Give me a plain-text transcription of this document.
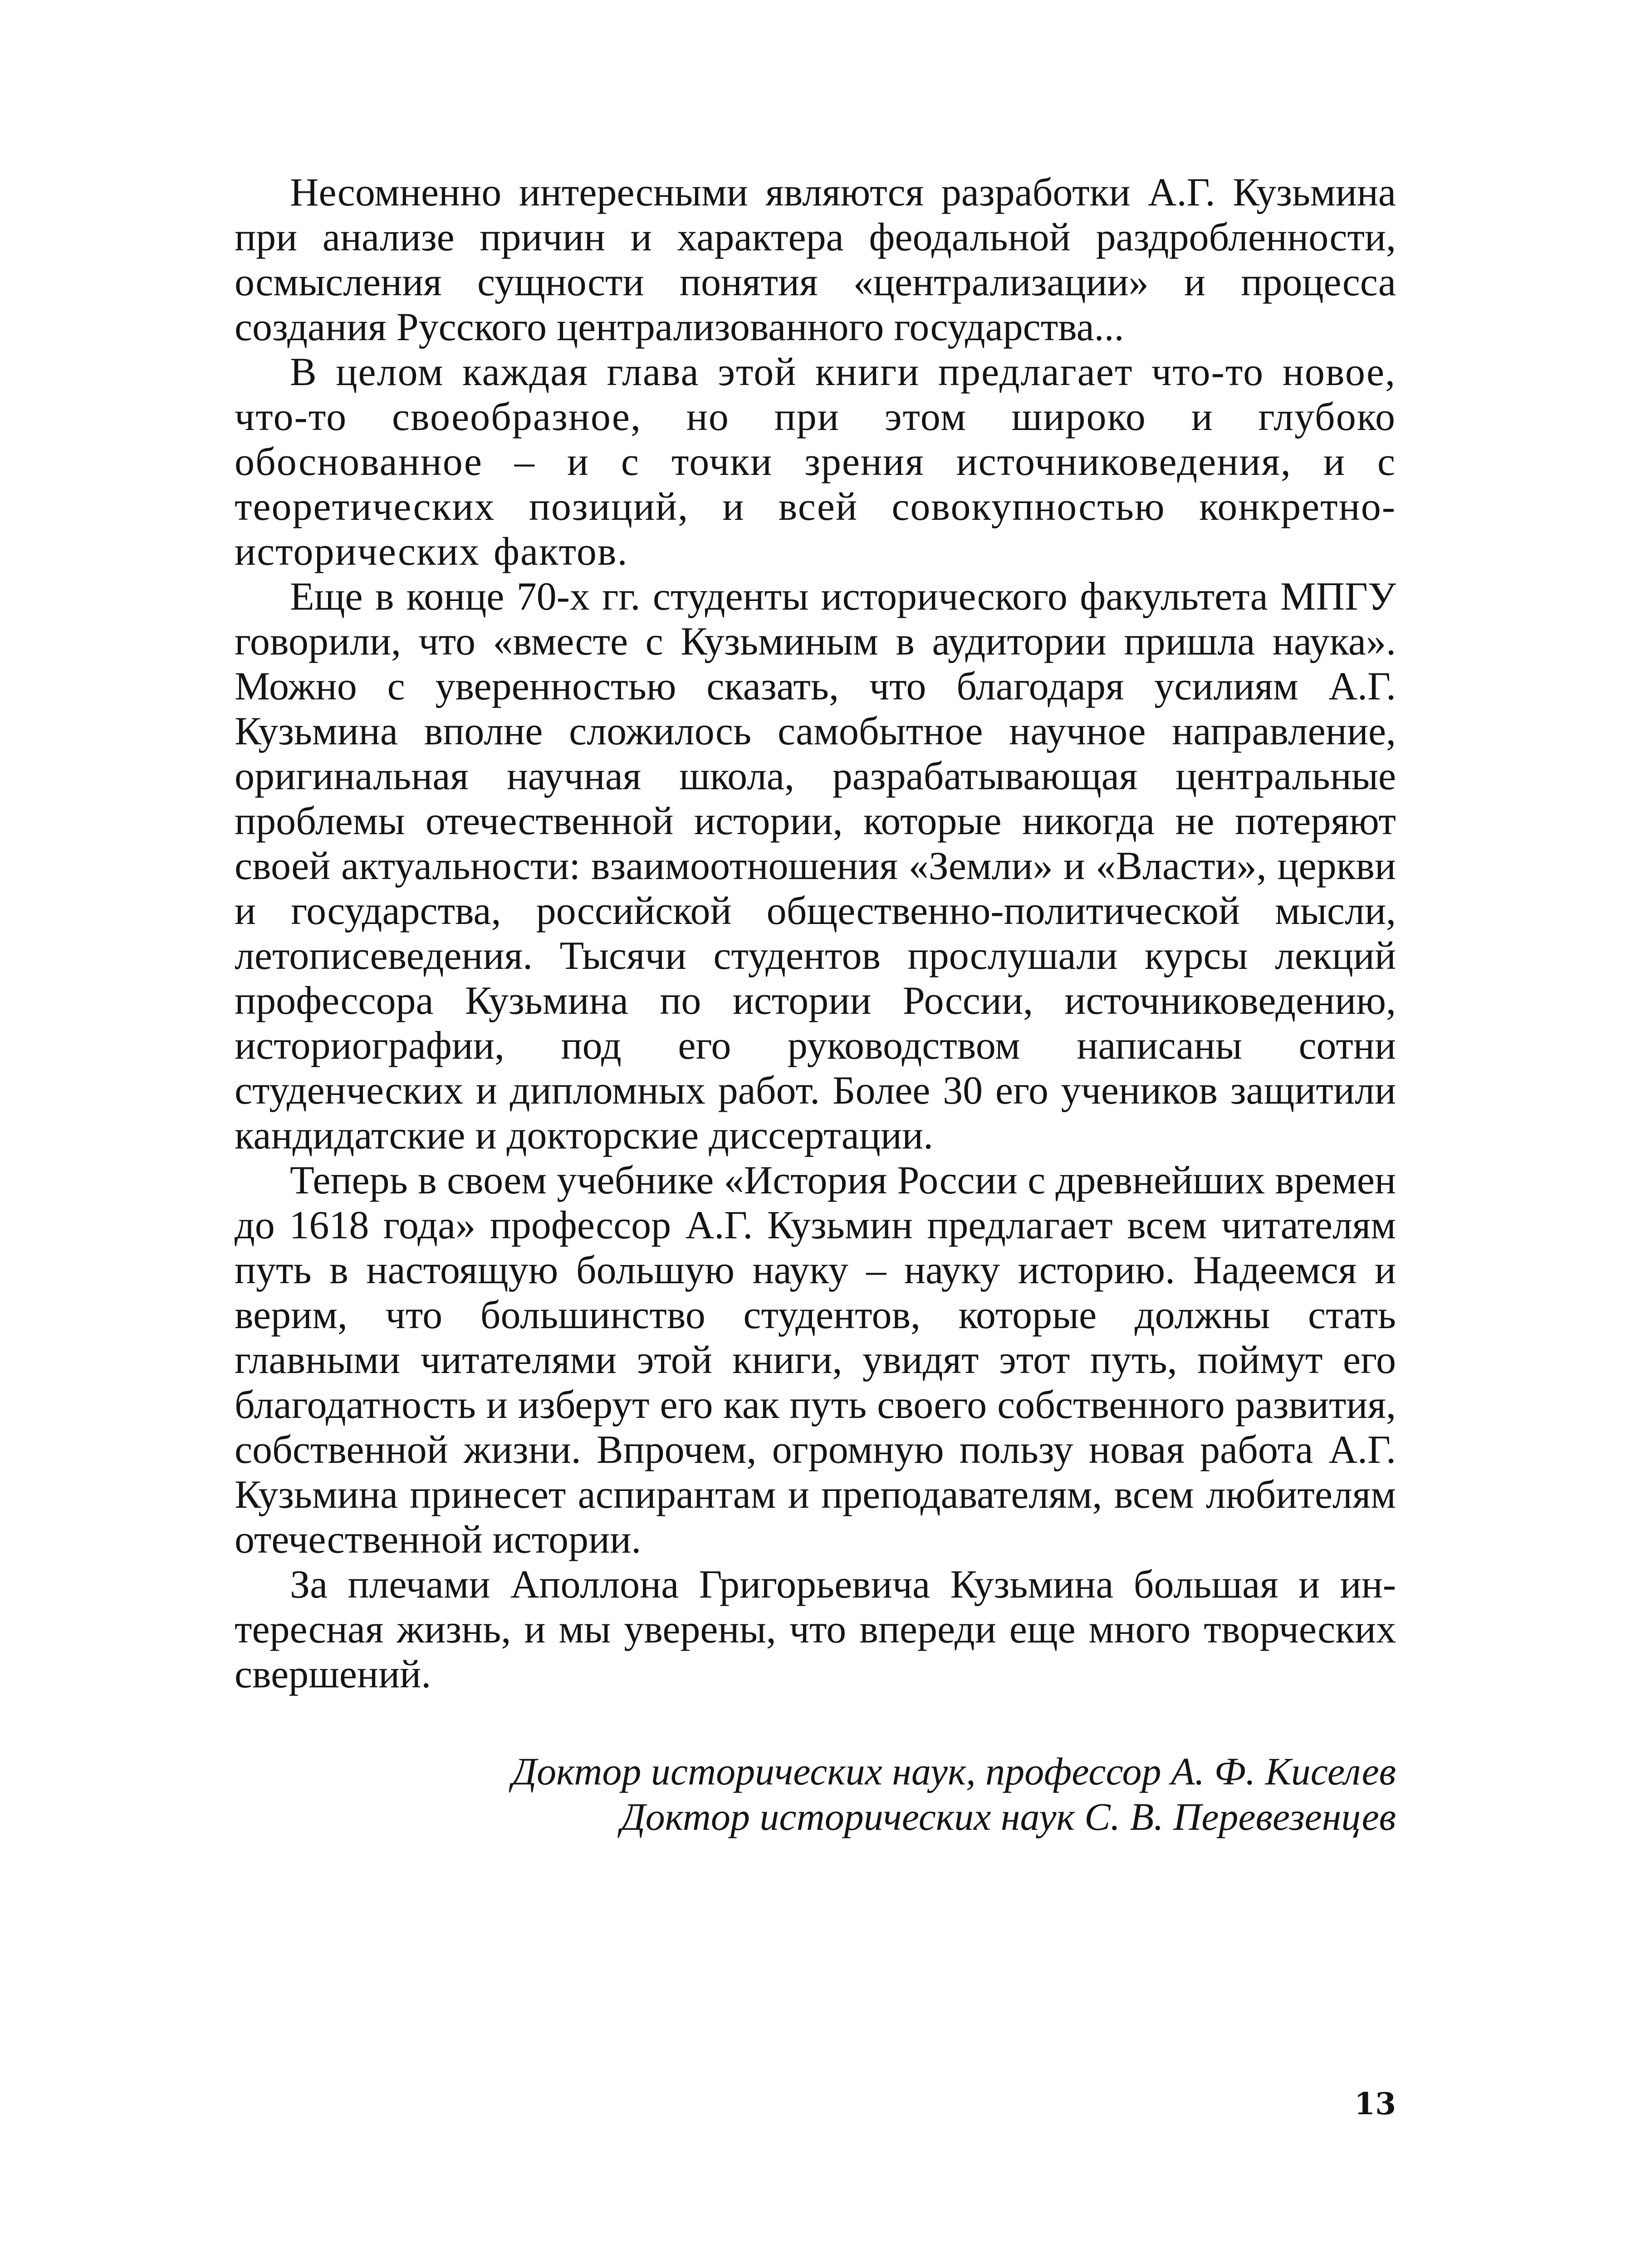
Несомненно интересными являются разработки А.Г. Кузьмина при анализе причин и характера феодальной раздробленности, осмысления сущности понятия «централизации» и процесса создания Русского централизованного государства...

В целом каждая глава этой книги предлагает что-то новое, что-то своеобразное, но при этом широко и глубоко обоснованное – и с точки зрения источниковедения, и с теоретических позиций, и всей совокупностью конкретно-исторических фактов.

Еще в конце 70-х гг. студенты исторического факультета МПГУ говорили, что «вместе с Кузьминым в аудитории пришла наука». Можно с уверенностью сказать, что благодаря усилиям А.Г. Кузьмина вполне сложилось самобытное научное направление, оригинальная научная школа, разрабатывающая центральные проблемы отечественной истории, которые никогда не потеряют своей актуальности: взаимоотношения «Земли» и «Власти», церкви и государства, российской общественно-политической мысли, летописеведения. Тысячи студентов прослушали курсы лекций профессора Кузьмина по истории России, источниковедению, историографии, под его руководством написаны сотни студенческих и дипломных работ. Более 30 его учеников защитили кандидатские и докторские диссертации.

Теперь в своем учебнике «История России с древнейших времен до 1618 года» профессор А.Г. Кузьмин предлагает всем читателям путь в настоящую большую науку – науку историю. Надеемся и верим, что большинство студентов, которые должны стать главными читателями этой книги, увидят этот путь, поймут его благодатность и изберут его как путь своего собственного развития, собственной жизни. Впрочем, огромную пользу новая работа А.Г. Кузьмина принесет аспирантам и преподавателям, всем любителям отечественной истории.

За плечами Аполлона Григорьевича Кузьмина большая и интересная жизнь, и мы уверены, что впереди еще много творческих свершений.

Доктор исторических наук, профессор А. Ф. Киселев
Доктор исторических наук С. В. Перевезенцев
13
